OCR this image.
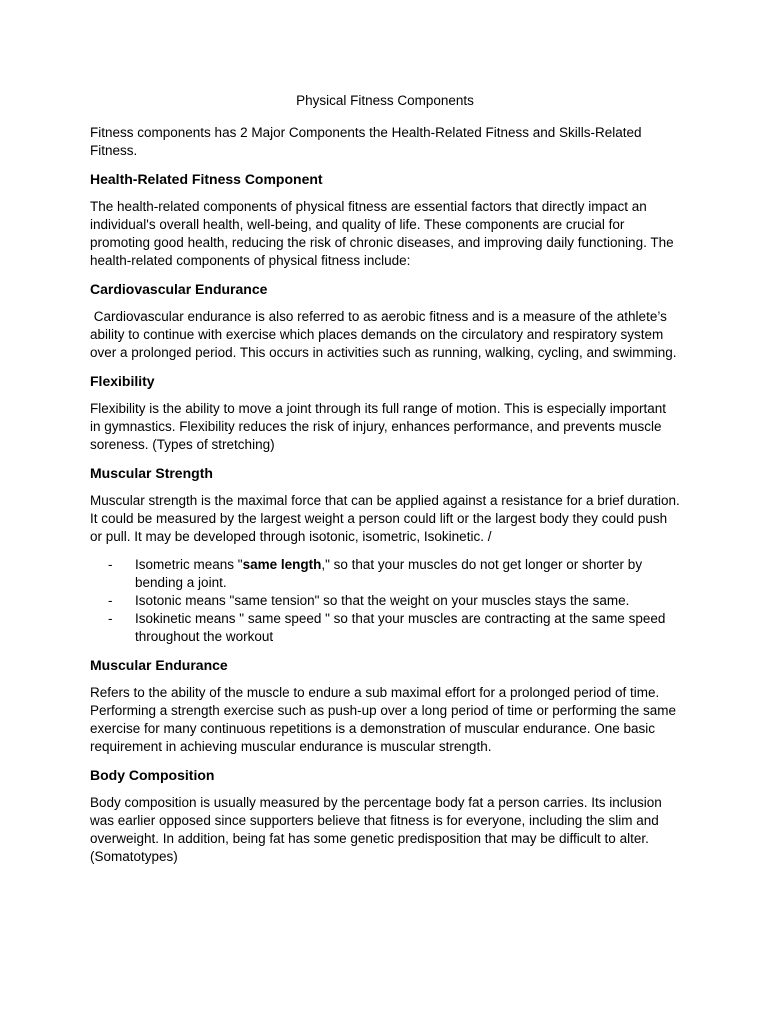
Physical Fitness Components

Fitness components has 2 Major Components the Health-Related Fitness and Skills-Related Fitness.

Health-Related Fitness Component

The health-related components of physical fitness are essential factors that directly impact an individual's overall health, well-being, and quality of life. These components are crucial for promoting good health, reducing the risk of chronic diseases, and improving daily functioning. The health-related components of physical fitness include:

Cardiovascular Endurance

Cardiovascular endurance is also referred to as aerobic fitness and is a measure of the athlete’s ability to continue with exercise which places demands on the circulatory and respiratory system over a prolonged period. This occurs in activities such as running, walking, cycling, and swimming.

Flexibility

Flexibility is the ability to move a joint through its full range of motion. This is especially important in gymnastics. Flexibility reduces the risk of injury, enhances performance, and prevents muscle soreness. (Types of stretching)

Muscular Strength

Muscular strength is the maximal force that can be applied against a resistance for a brief duration. It could be measured by the largest weight a person could lift or the largest body they could push or pull. It may be developed through isotonic, isometric, Isokinetic. /

- Isometric means "same length," so that your muscles do not get longer or shorter by bending a joint.
- Isotonic means "same tension" so that the weight on your muscles stays the same.
- Isokinetic means " same speed " so that your muscles are contracting at the same speed throughout the workout
Muscular Endurance

Refers to the ability of the muscle to endure a sub maximal effort for a prolonged period of time. Performing a strength exercise such as push-up over a long period of time or performing the same exercise for many continuous repetitions is a demonstration of muscular endurance. One basic requirement in achieving muscular endurance is muscular strength.

Body Composition

Body composition is usually measured by the percentage body fat a person carries. Its inclusion was earlier opposed since supporters believe that fitness is for everyone, including the slim and overweight. In addition, being fat has some genetic predisposition that may be difficult to alter. (Somatotypes)
